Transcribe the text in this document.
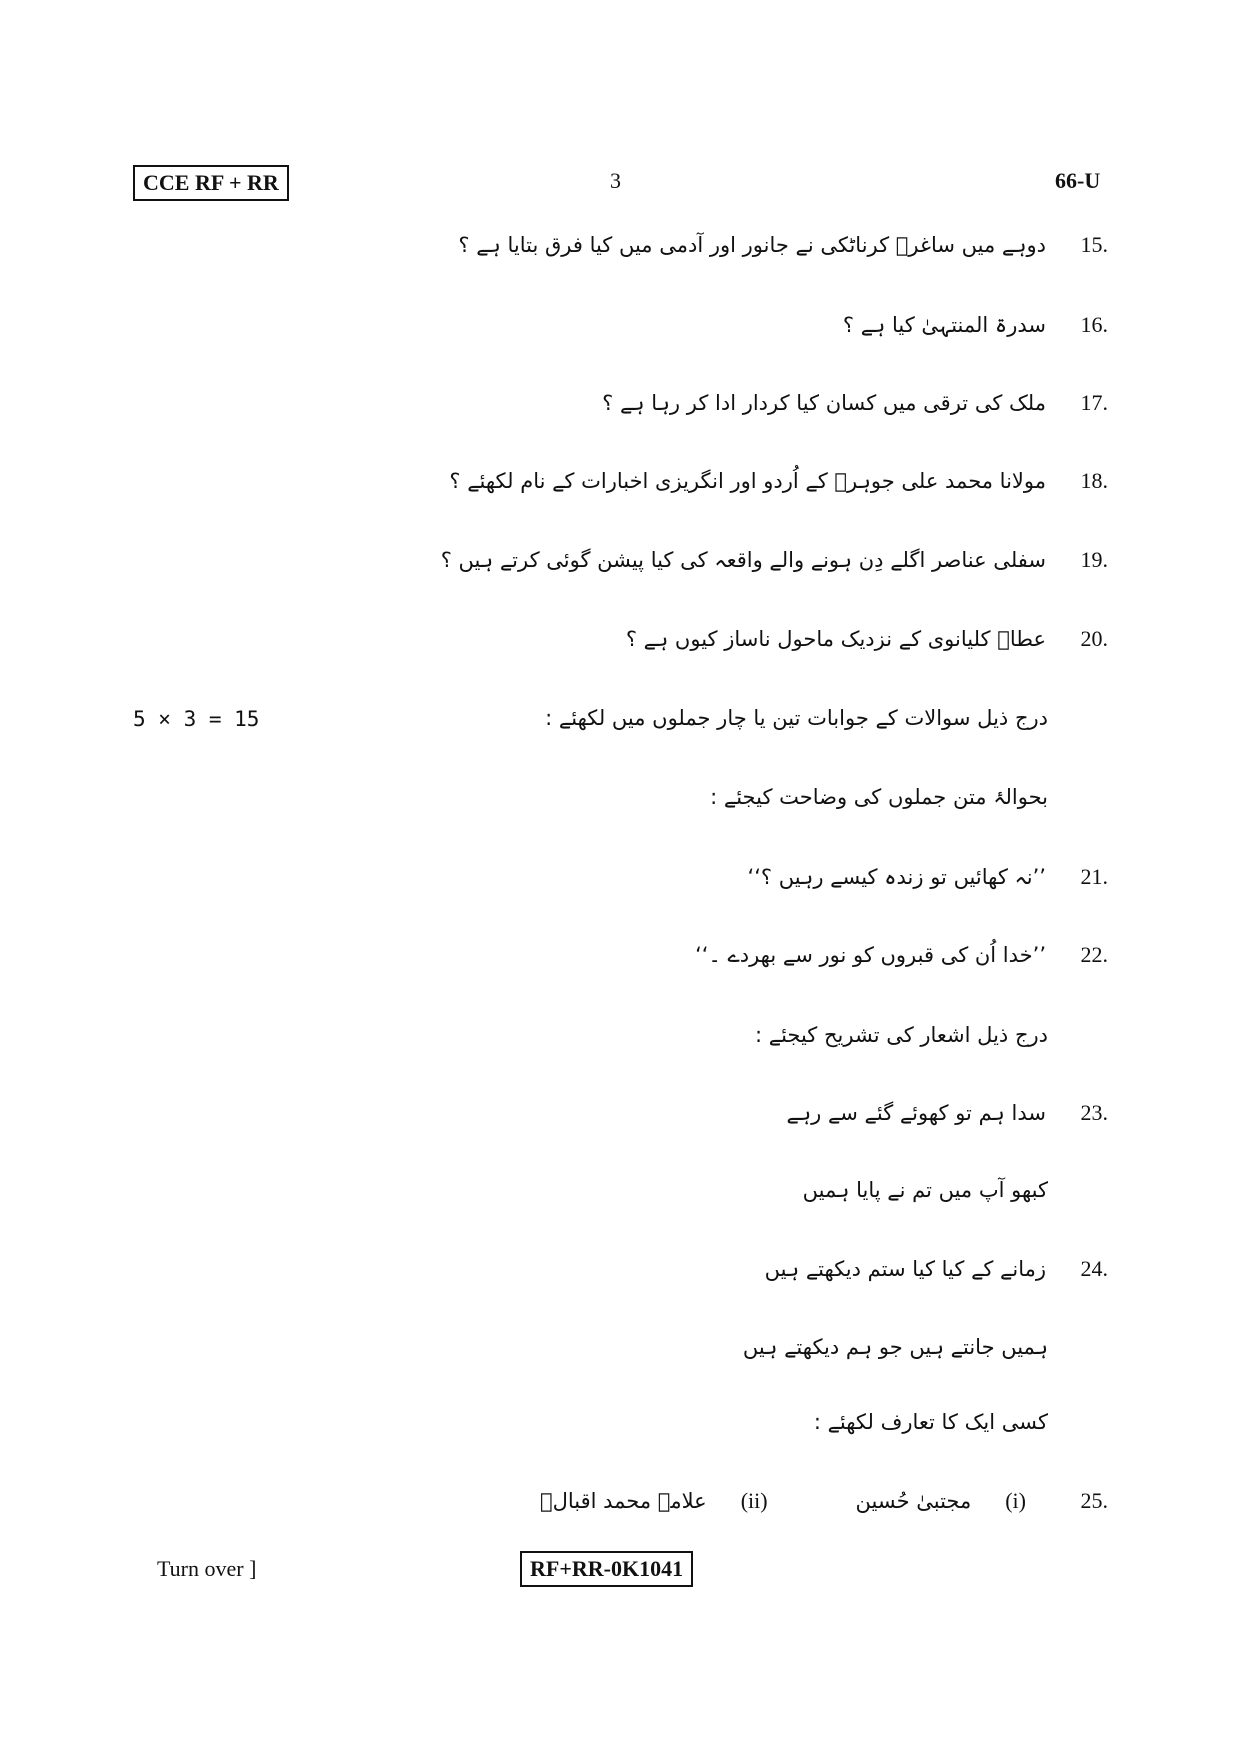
CCE RF + RR	3	66-U
دوہے میں ساغرؔ کرناٹکی نے جانور اور آدمی میں کیا فرق بتایا ہے ؟	15.
سدرۃ المنتہیٰ کیا ہے ؟	16.
ملک کی ترقی میں کسان کیا کردار ادا کر رہا ہے ؟	17.
مولانا محمد علی جوہرؔ کے اُردو اور انگریزی اخبارات کے نام لکھئے ؟	18.
سفلی عناصر اگلے دِن ہونے والے واقعہ کی کیا پیشن گوئی کرتے ہیں ؟	19.
عطاؔ کلیانوی کے نزدیک ماحول ناساز کیوں ہے ؟	20.
5 × 3 = 15	درج ذیل سوالات کے جوابات تین یا چار جملوں میں لکھئے :
بحوالۂ متن جملوں کی وضاحت کیجئے :
’’نہ کھائیں تو زندہ کیسے رہیں ؟‘‘	21.
’’خدا اُن کی قبروں کو نور سے بھردے ۔‘‘	22.
درج ذیل اشعار کی تشریح کیجئے :
سدا ہم تو کھوئے گئے سے رہے	23.
کبھو آپ میں تم نے پایا ہمیں
زمانے کے کیا کیا ستم دیکھتے ہیں	24.
ہمیں جانتے ہیں جو ہم دیکھتے ہیں
کسی ایک کا تعارف لکھئے :
مجتبیٰ حُسین (i)	25.
علامہ محمد اقبالؔ (ii)
Turn over ]	RF+RR-0K1041
